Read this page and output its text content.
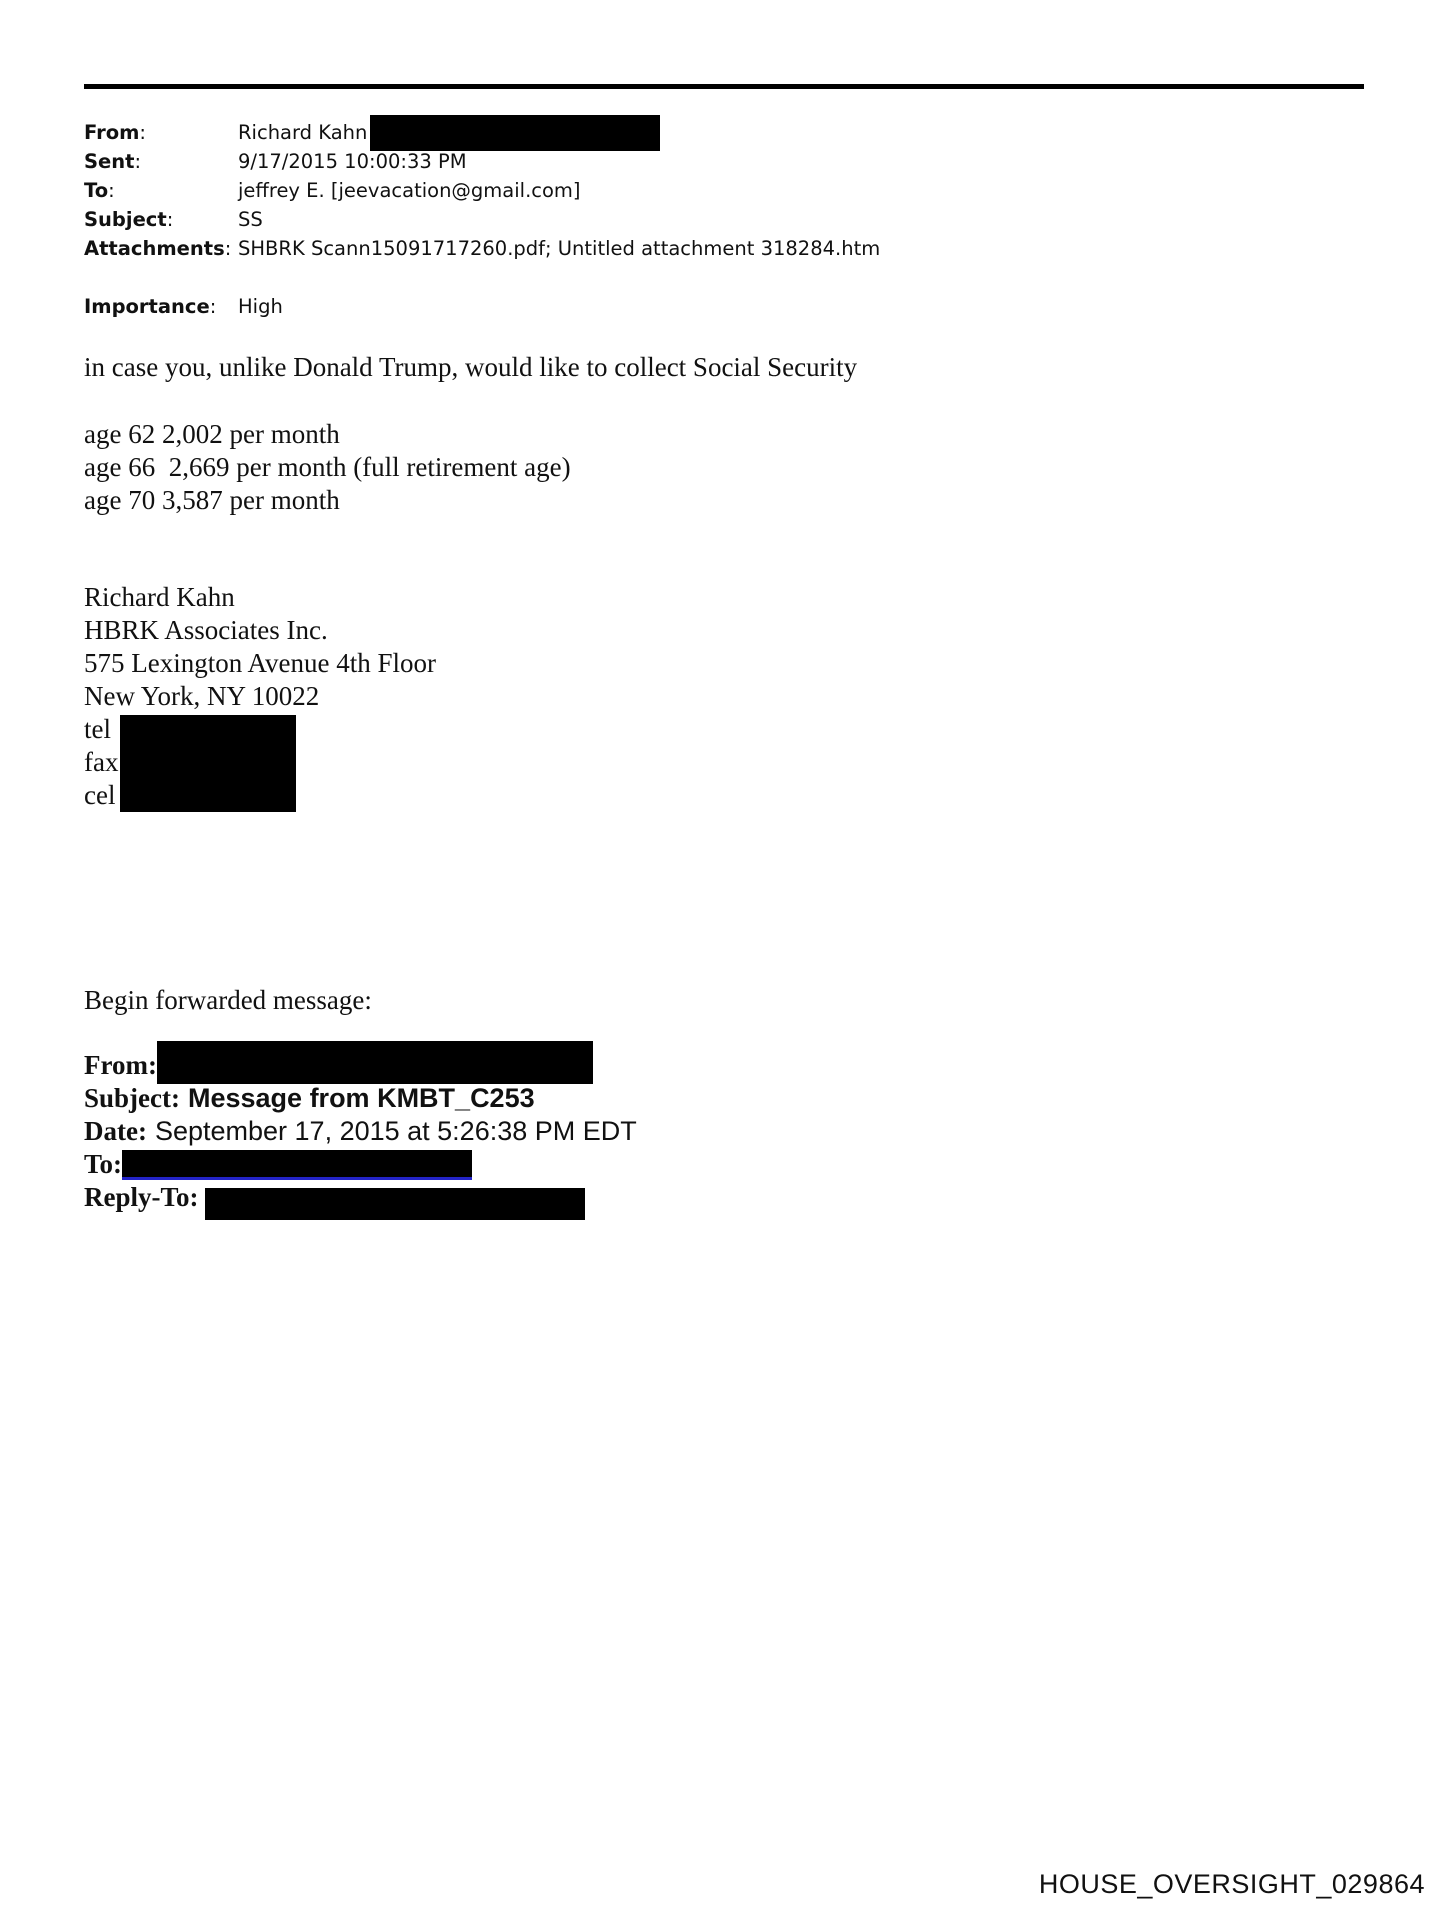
From:	Richard Kahn
Sent:	9/17/2015 10:00:33 PM
To:	jeffrey E. [jeevacation@gmail.com]
Subject:	SS
Attachments: SHBRK Scann15091717260.pdf; Untitled attachment 318284.htm
Importance:	High
in case you, unlike Donald Trump, would like to collect Social Security
age 62 2,002 per month
age 66  2,669 per month (full retirement age)
age 70 3,587 per month
Richard Kahn
HBRK Associates Inc.
575 Lexington Avenue 4th Floor
New York, NY 10022
tel
fax
cel
Begin forwarded message:
From:
Subject: Message from KMBT_C253
Date: September 17, 2015 at 5:26:38 PM EDT
To:
Reply-To:
HOUSE_OVERSIGHT_029864
